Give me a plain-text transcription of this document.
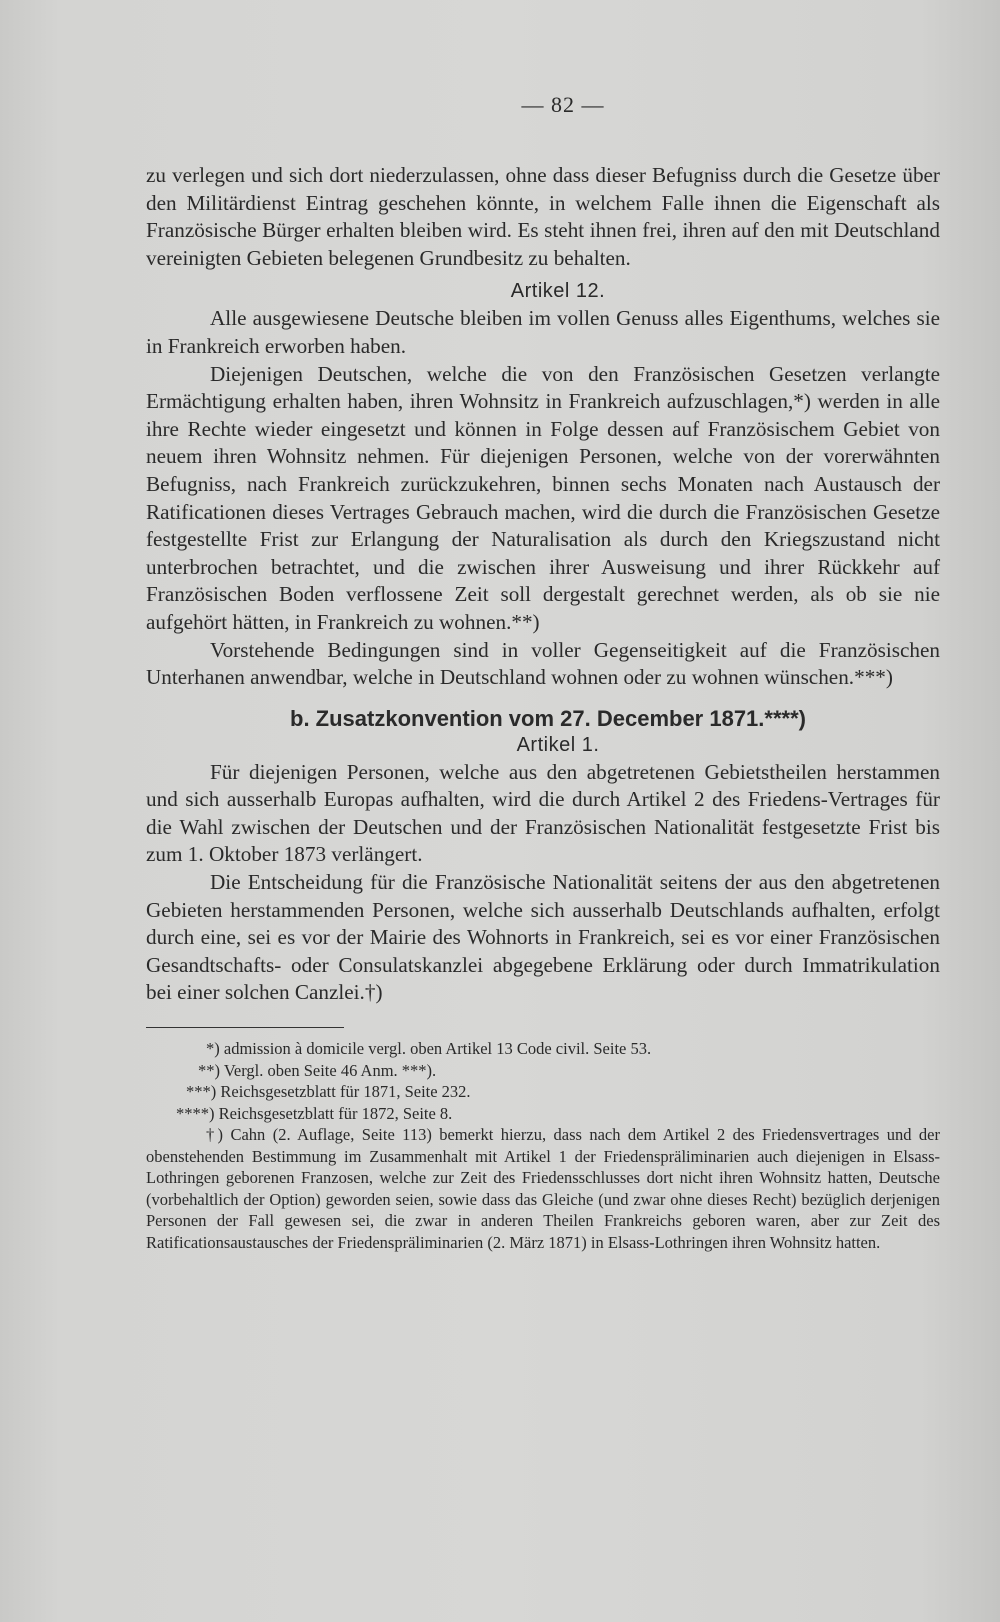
— 82 —

zu verlegen und sich dort niederzulassen, ohne dass dieser Befugniss durch die Gesetze über den Militärdienst Eintrag geschehen könnte, in welchem Falle ihnen die Eigenschaft als Französische Bürger erhalten bleiben wird. Es steht ihnen frei, ihren auf den mit Deutschland vereinigten Gebieten belegenen Grundbesitz zu behalten.

Artikel 12.

Alle ausgewiesene Deutsche bleiben im vollen Genuss alles Eigenthums, welches sie in Frankreich erworben haben.

Diejenigen Deutschen, welche die von den Französischen Gesetzen verlangte Ermächtigung erhalten haben, ihren Wohnsitz in Frankreich aufzuschlagen,*) werden in alle ihre Rechte wieder eingesetzt und können in Folge dessen auf Französischem Gebiet von neuem ihren Wohnsitz nehmen. Für diejenigen Personen, welche von der vorerwähnten Befugniss, nach Frankreich zurückzukehren, binnen sechs Monaten nach Austausch der Ratificationen dieses Vertrages Gebrauch machen, wird die durch die Französischen Gesetze festgestellte Frist zur Erlangung der Naturalisation als durch den Kriegszustand nicht unterbrochen betrachtet, und die zwischen ihrer Ausweisung und ihrer Rückkehr auf Französischen Boden verflossene Zeit soll dergestalt gerechnet werden, als ob sie nie aufgehört hätten, in Frankreich zu wohnen.**)

Vorstehende Bedingungen sind in voller Gegenseitigkeit auf die Französischen Unterhanen anwendbar, welche in Deutschland wohnen oder zu wohnen wünschen.***)

b. Zusatzkonvention vom 27. December 1871.****)
Artikel 1.

Für diejenigen Personen, welche aus den abgetretenen Gebietstheilen herstammen und sich ausserhalb Europas aufhalten, wird die durch Artikel 2 des Friedens-Vertrages für die Wahl zwischen der Deutschen und der Französischen Nationalität festgesetzte Frist bis zum 1. Oktober 1873 verlängert.

Die Entscheidung für die Französische Nationalität seitens der aus den abgetretenen Gebieten herstammenden Personen, welche sich ausserhalb Deutschlands aufhalten, erfolgt durch eine, sei es vor der Mairie des Wohnorts in Frankreich, sei es vor einer Französischen Gesandtschafts- oder Consulatskanzlei abgegebene Erklärung oder durch Immatrikulation bei einer solchen Canzlei.†)

*) admission à domicile vergl. oben Artikel 13 Code civil. Seite 53.

**) Vergl. oben Seite 46 Anm. ***).

***) Reichsgesetzblatt für 1871, Seite 232.

****) Reichsgesetzblatt für 1872, Seite 8.

†) Cahn (2. Auflage, Seite 113) bemerkt hierzu, dass nach dem Artikel 2 des Friedensvertrages und der obenstehenden Bestimmung im Zusammenhalt mit Artikel 1 der Friedenspräliminarien auch diejenigen in Elsass-Lothringen geborenen Franzosen, welche zur Zeit des Friedensschlusses dort nicht ihren Wohnsitz hatten, Deutsche (vorbehaltlich der Option) geworden seien, sowie dass das Gleiche (und zwar ohne dieses Recht) bezüglich derjenigen Personen der Fall gewesen sei, die zwar in anderen Theilen Frankreichs geboren waren, aber zur Zeit des Ratificationsaustausches der Friedenspräliminarien (2. März 1871) in Elsass-Lothringen ihren Wohnsitz hatten.
